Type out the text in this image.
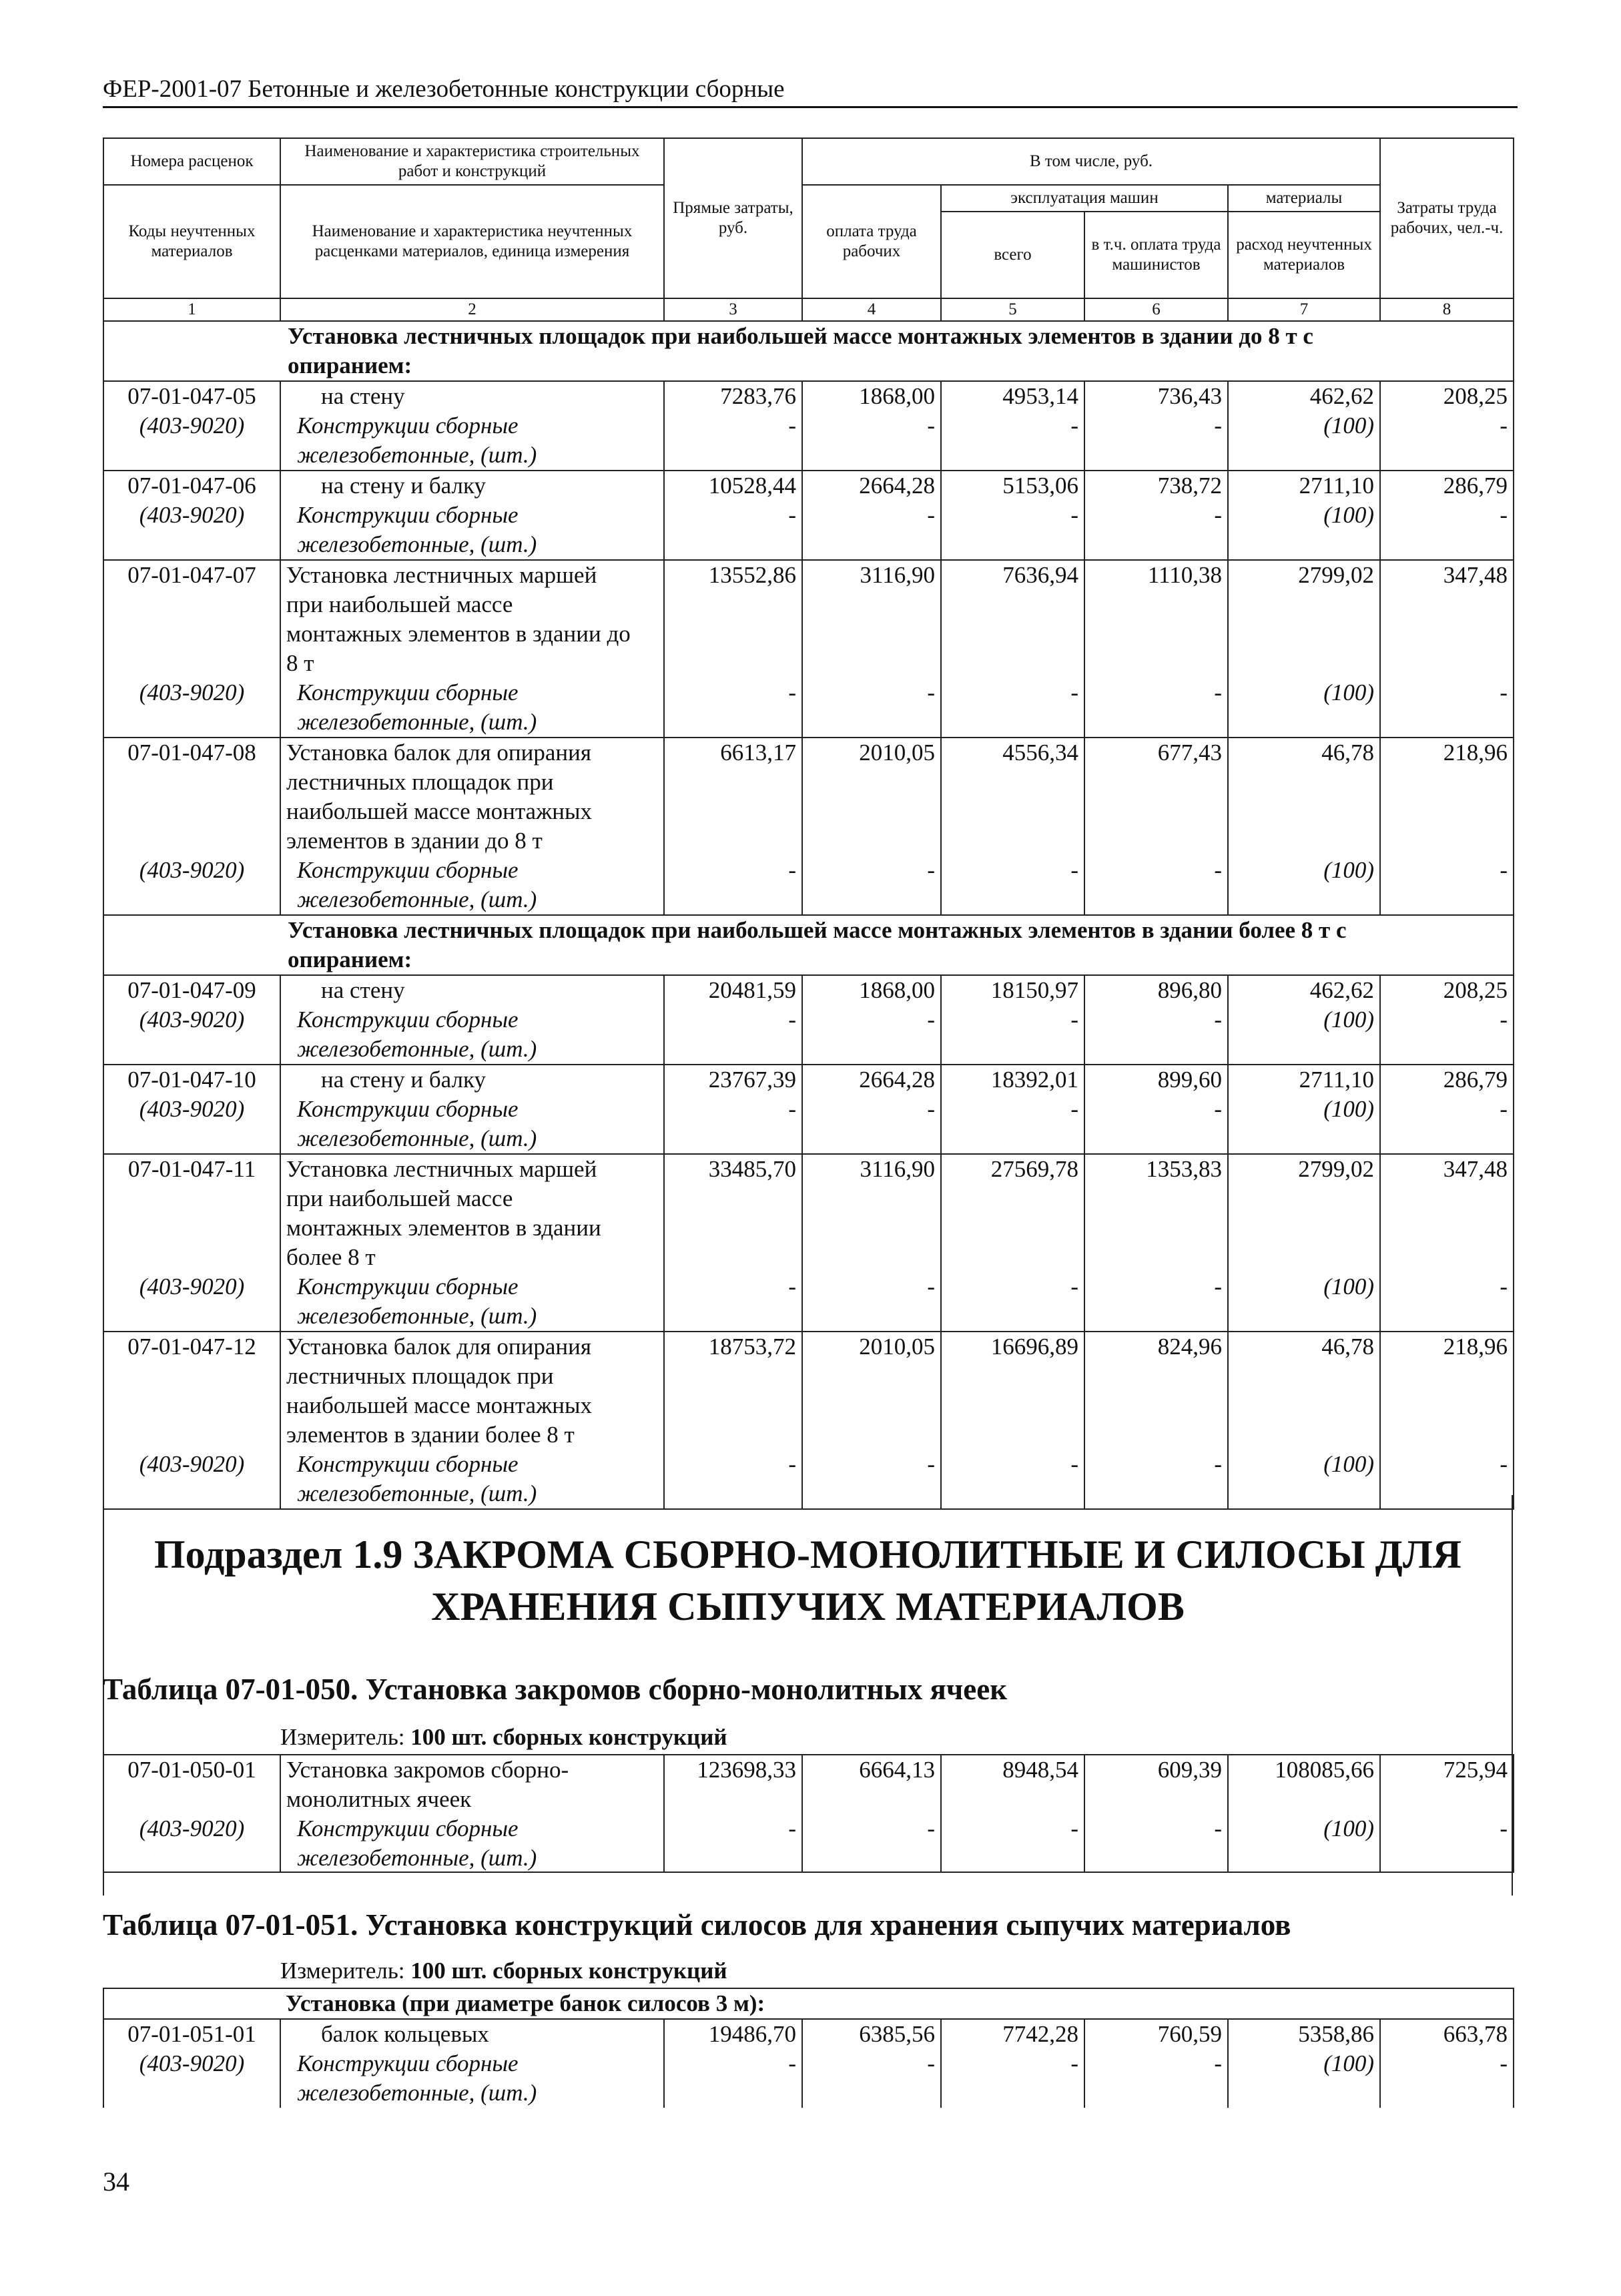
ФЕР-2001-07 Бетонные и железобетонные конструкции сборные
Номера расценок	Наименование и характеристика строительных работ и конструкций	Прямые затраты, руб.	В том числе, руб.				Затраты труда рабочих, чел.-ч.
Коды неучтенных материалов	Наименование и характеристика неучтенных расценками материалов, единица измерения		оплата труда рабочих	эксплуатация машин		материалы	
				всего	в т.ч. оплата труда машинистов	расход неучтенных материалов	
1	2	3	4	5	6	7	8

Установка лестничных площадок при наибольшей массе монтажных элементов в здании до 8 т с
опиранием:							

07-01-047-05	на стену	7283,76	1868,00	4953,14	736,43	462,62	208,25
(403-9020)	Конструкции сборные
железобетонные, (шт.)	-	-	-	-	(100)	-
07-01-047-06	на стену и балку	10528,44	2664,28	5153,06	738,72	2711,10	286,79
(403-9020)	Конструкции сборные
железобетонные, (шт.)	-	-	-	-	(100)	-
07-01-047-07	Установка лестничных маршей
при наибольшей массе
монтажных элементов в здании до
8 т	13552,86	3116,90	7636,94	1110,38	2799,02	347,48
(403-9020)	Конструкции сборные
железобетонные, (шт.)	-	-	-	-	(100)	-
07-01-047-08	Установка балок для опирания
лестничных площадок при
наибольшей массе монтажных
элементов в здании до 8 т	6613,17	2010,05	4556,34	677,43	46,78	218,96
(403-9020)	Конструкции сборные
железобетонные, (шт.)	-	-	-	-	(100)	-

Установка лестничных площадок при наибольшей массе монтажных элементов в здании более 8 т с
опиранием:							

07-01-047-09	на стену	20481,59	1868,00	18150,97	896,80	462,62	208,25
(403-9020)	Конструкции сборные
железобетонные, (шт.)	-	-	-	-	(100)	-
07-01-047-10	на стену и балку	23767,39	2664,28	18392,01	899,60	2711,10	286,79
(403-9020)	Конструкции сборные
железобетонные, (шт.)	-	-	-	-	(100)	-
07-01-047-11	Установка лестничных маршей
при наибольшей массе
монтажных элементов в здании
более 8 т	33485,70	3116,90	27569,78	1353,83	2799,02	347,48
(403-9020)	Конструкции сборные
железобетонные, (шт.)	-	-	-	-	(100)	-
07-01-047-12	Установка балок для опирания
лестничных площадок при
наибольшей массе монтажных
элементов в здании более 8 т	18753,72	2010,05	16696,89	824,96	46,78	218,96
(403-9020)	Конструкции сборные
железобетонные, (шт.)	-	-	-	-	(100)	-
Подраздел 1.9 ЗАКРОМА СБОРНО-МОНОЛИТНЫЕ И СИЛОСЫ ДЛЯ
ХРАНЕНИЯ СЫПУЧИХ МАТЕРИАЛОВ
Таблица 07-01-050. Установка закромов сборно-монолитных ячеек
Измеритель: 100 шт. сборных конструкций
07-01-050-01	Установка закромов сборно-
монолитных ячеек	123698,33	6664,13	8948,54	609,39	108085,66	725,94
(403-9020)	Конструкции сборные
железобетонные, (шт.)	-	-	-	-	(100)	-
Таблица 07-01-051. Установка конструкций силосов для хранения сыпучих материалов
Измеритель: 100 шт. сборных конструкций
	Установка (при диаметре банок силосов 3 м):						
07-01-051-01	балок кольцевых	19486,70	6385,56	7742,28	760,59	5358,86	663,78
(403-9020)	Конструкции сборные
железобетонные, (шт.)	-	-	-	-	(100)	-
34
